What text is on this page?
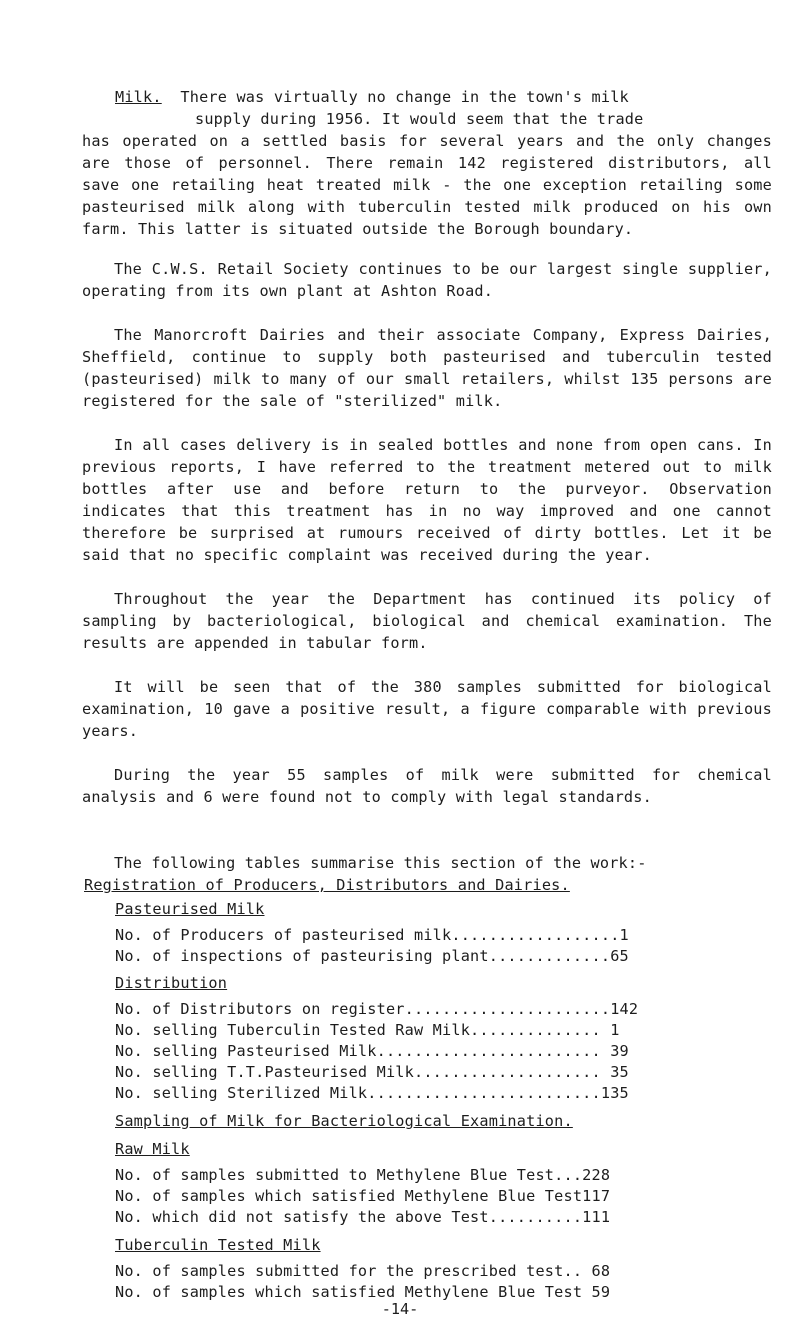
Milk. There was virtually no change in the town's milk
supply during 1956. It would seem that the trade
has operated on a settled basis for several years and the only changes are those of personnel. There remain 142 registered distributors, all save one retailing heat treated milk - the one exception retailing some pasteurised milk along with tuberculin tested milk produced on his own farm. This latter is situated outside the Borough boundary.
The C.W.S. Retail Society continues to be our largest single supplier, operating from its own plant at Ashton Road.
The Manorcroft Dairies and their associate Company, Express Dairies, Sheffield, continue to supply both pasteurised and tuberculin tested (pasteurised) milk to many of our small retailers, whilst 135 persons are registered for the sale of "sterilized" milk.
In all cases delivery is in sealed bottles and none from open cans. In previous reports, I have referred to the treatment metered out to milk bottles after use and before return to the purveyor. Observation indicates that this treatment has in no way improved and one cannot therefore be surprised at rumours received of dirty bottles. Let it be said that no specific complaint was received during the year.
Throughout the year the Department has continued its policy of sampling by bacteriological, biological and chemical examination. The results are appended in tabular form.
It will be seen that of the 380 samples submitted for biological examination, 10 gave a positive result, a figure comparable with previous years.
During the year 55 samples of milk were submitted for chemical analysis and 6 were found not to comply with legal standards.
The following tables summarise this section of the work:-
Registration of Producers, Distributors and Dairies.
Pasteurised Milk
No. of Producers of pasteurised milk..................1
No. of inspections of pasteurising plant.............65
Distribution
No. of Distributors on register......................142
No. selling Tuberculin Tested Raw Milk.............. 1
No. selling Pasteurised Milk........................ 39
No. selling T.T.Pasteurised Milk.................... 35
No. selling Sterilized Milk.........................135
Sampling of Milk for Bacteriological Examination.
Raw Milk
No. of samples submitted to Methylene Blue Test...228
No. of samples which satisfied Methylene Blue Test117
No. which did not satisfy the above Test..........111
Tuberculin Tested Milk
No. of samples submitted for the prescribed test.. 68
No. of samples which satisfied Methylene Blue Test 59
-14-
